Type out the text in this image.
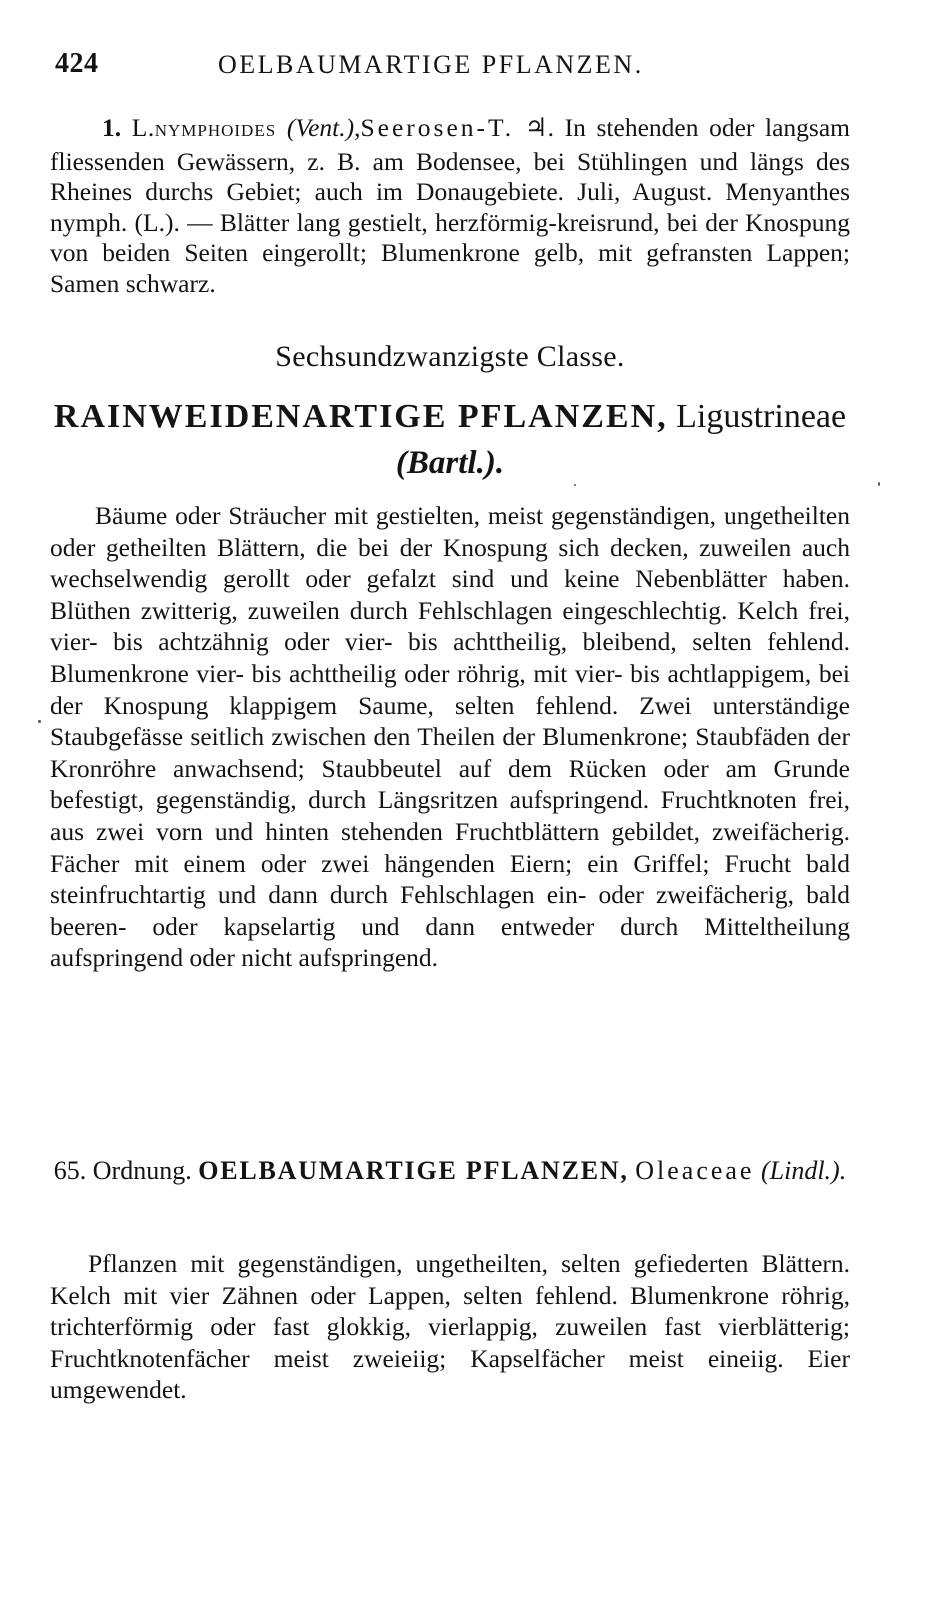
424	OELBAUMARTIGE PFLANZEN.

1. L.NYMPHOIDES (Vent.),Seerosen-T. ♃. In stehenden oder langsam fliessenden Gewässern, z. B. am Bodensee, bei Stühlingen und längs des Rheines durchs Gebiet; auch im Donaugebiete. Juli, August. Menyanthes nymph. (L.). — Blätter lang gestielt, herzförmig-kreisrund, bei der Knospung von beiden Seiten eingerollt; Blumenkrone gelb, mit gefransten Lappen; Samen schwarz.

Sechsundzwanzigste Classe.
RAINWEIDENARTIGE PFLANZEN, Ligustrineae (Bartl.).

Bäume oder Sträucher mit gestielten, meist gegenständigen, ungetheilten oder getheilten Blättern, die bei der Knospung sich decken, zuweilen auch wechselwendig gerollt oder gefalzt sind und keine Nebenblätter haben. Blüthen zwitterig, zuweilen durch Fehlschlagen eingeschlechtig. Kelch frei, vier- bis achtzähnig oder vier- bis achttheilig, bleibend, selten fehlend. Blumenkrone vier- bis achttheilig oder röhrig, mit vier- bis achtlappigem, bei der Knospung klappigem Saume, selten fehlend. Zwei unterständige Staubgefässe seitlich zwischen den Theilen der Blumenkrone; Staubfäden der Kronröhre anwachsend; Staubbeutel auf dem Rücken oder am Grunde befestigt, gegenständig, durch Längsritzen aufspringend. Fruchtknoten frei, aus zwei vorn und hinten stehenden Fruchtblättern gebildet, zweifächerig. Fächer mit einem oder zwei hängenden Eiern; ein Griffel; Frucht bald steinfruchtartig und dann durch Fehlschlagen ein- oder zweifächerig, bald beeren- oder kapselartig und dann entweder durch Mitteltheilung aufspringend oder nicht aufspringend.

65. Ordnung. OELBAUMARTIGE PFLANZEN, Oleaceae (Lindl.).

Pflanzen mit gegenständigen, ungetheilten, selten gefiederten Blättern. Kelch mit vier Zähnen oder Lappen, selten fehlend. Blumenkrone röhrig, trichterförmig oder fast glokkig, vierlappig, zuweilen fast vierblätterig; Fruchtknotenfächer meist zweieiig; Kapselfächer meist eineiig. Eier umgewendet.
